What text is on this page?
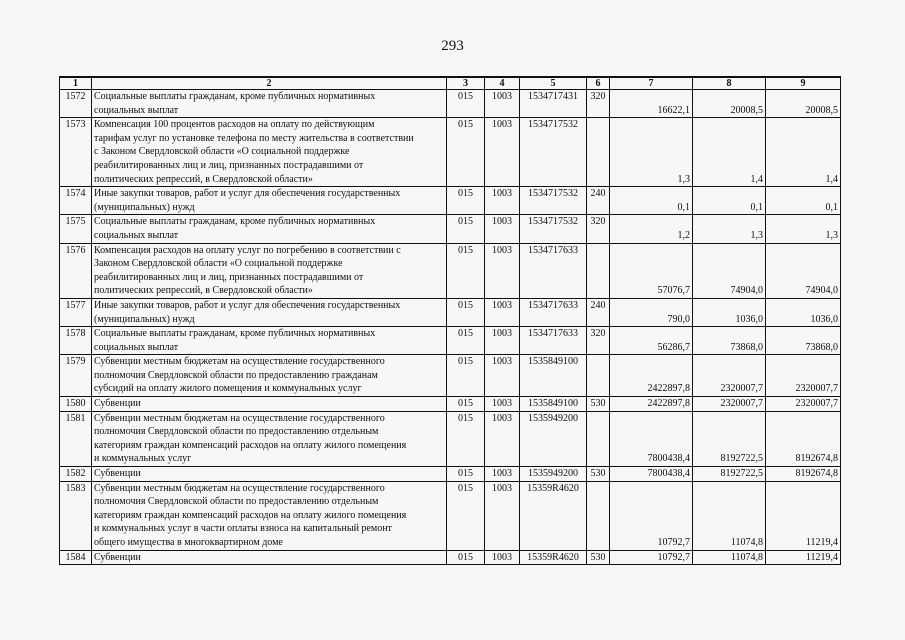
293
1	2	3	4	5	6	7	8	9
1572	Социальные выплаты гражданам, кроме публичных нормативных
социальных выплат	015	1003	1534717431	320	16622,1	20008,5	20008,5
1573	Компенсация 100 процентов расходов на оплату по действующим
тарифам услуг по установке телефона по месту жительства в соответствии
с Законом Свердловской области «О социальной поддержке
реабилитированных лиц и лиц, признанных пострадавшими от
политических репрессий, в Свердловской области»	015	1003	1534717532		1,3	1,4	1,4
1574	Иные закупки товаров, работ и услуг для обеспечения государственных
(муниципальных) нужд	015	1003	1534717532	240	0,1	0,1	0,1
1575	Социальные выплаты гражданам, кроме публичных нормативных
социальных выплат	015	1003	1534717532	320	1,2	1,3	1,3
1576	Компенсация расходов на оплату услуг по погребению в соответствии с
Законом Свердловской области «О социальной поддержке
реабилитированных лиц и лиц, признанных пострадавшими от
политических репрессий, в Свердловской области»	015	1003	1534717633		57076,7	74904,0	74904,0
1577	Иные закупки товаров, работ и услуг для обеспечения государственных
(муниципальных) нужд	015	1003	1534717633	240	790,0	1036,0	1036,0
1578	Социальные выплаты гражданам, кроме публичных нормативных
социальных выплат	015	1003	1534717633	320	56286,7	73868,0	73868,0
1579	Субвенции местным бюджетам на осуществление государственного
полномочия Свердловской области по предоставлению гражданам
субсидий на оплату жилого помещения и коммунальных услуг	015	1003	1535849100		2422897,8	2320007,7	2320007,7
1580	Субвенции	015	1003	1535849100	530	2422897,8	2320007,7	2320007,7
1581	Субвенции местным бюджетам на осуществление государственного
полномочия Свердловской области по предоставлению отдельным
категориям граждан компенсаций расходов на оплату жилого помещения
и коммунальных услуг	015	1003	1535949200		7800438,4	8192722,5	8192674,8
1582	Субвенции	015	1003	1535949200	530	7800438,4	8192722,5	8192674,8
1583	Субвенции местным бюджетам на осуществление государственного
полномочия Свердловской области по предоставлению отдельным
категориям граждан компенсаций расходов на оплату жилого помещения
и коммунальных услуг в части оплаты взноса на капитальный ремонт
общего имущества в многоквартирном доме	015	1003	15359R4620		10792,7	11074,8	11219,4
1584	Субвенции	015	1003	15359R4620	530	10792,7	11074,8	11219,4
